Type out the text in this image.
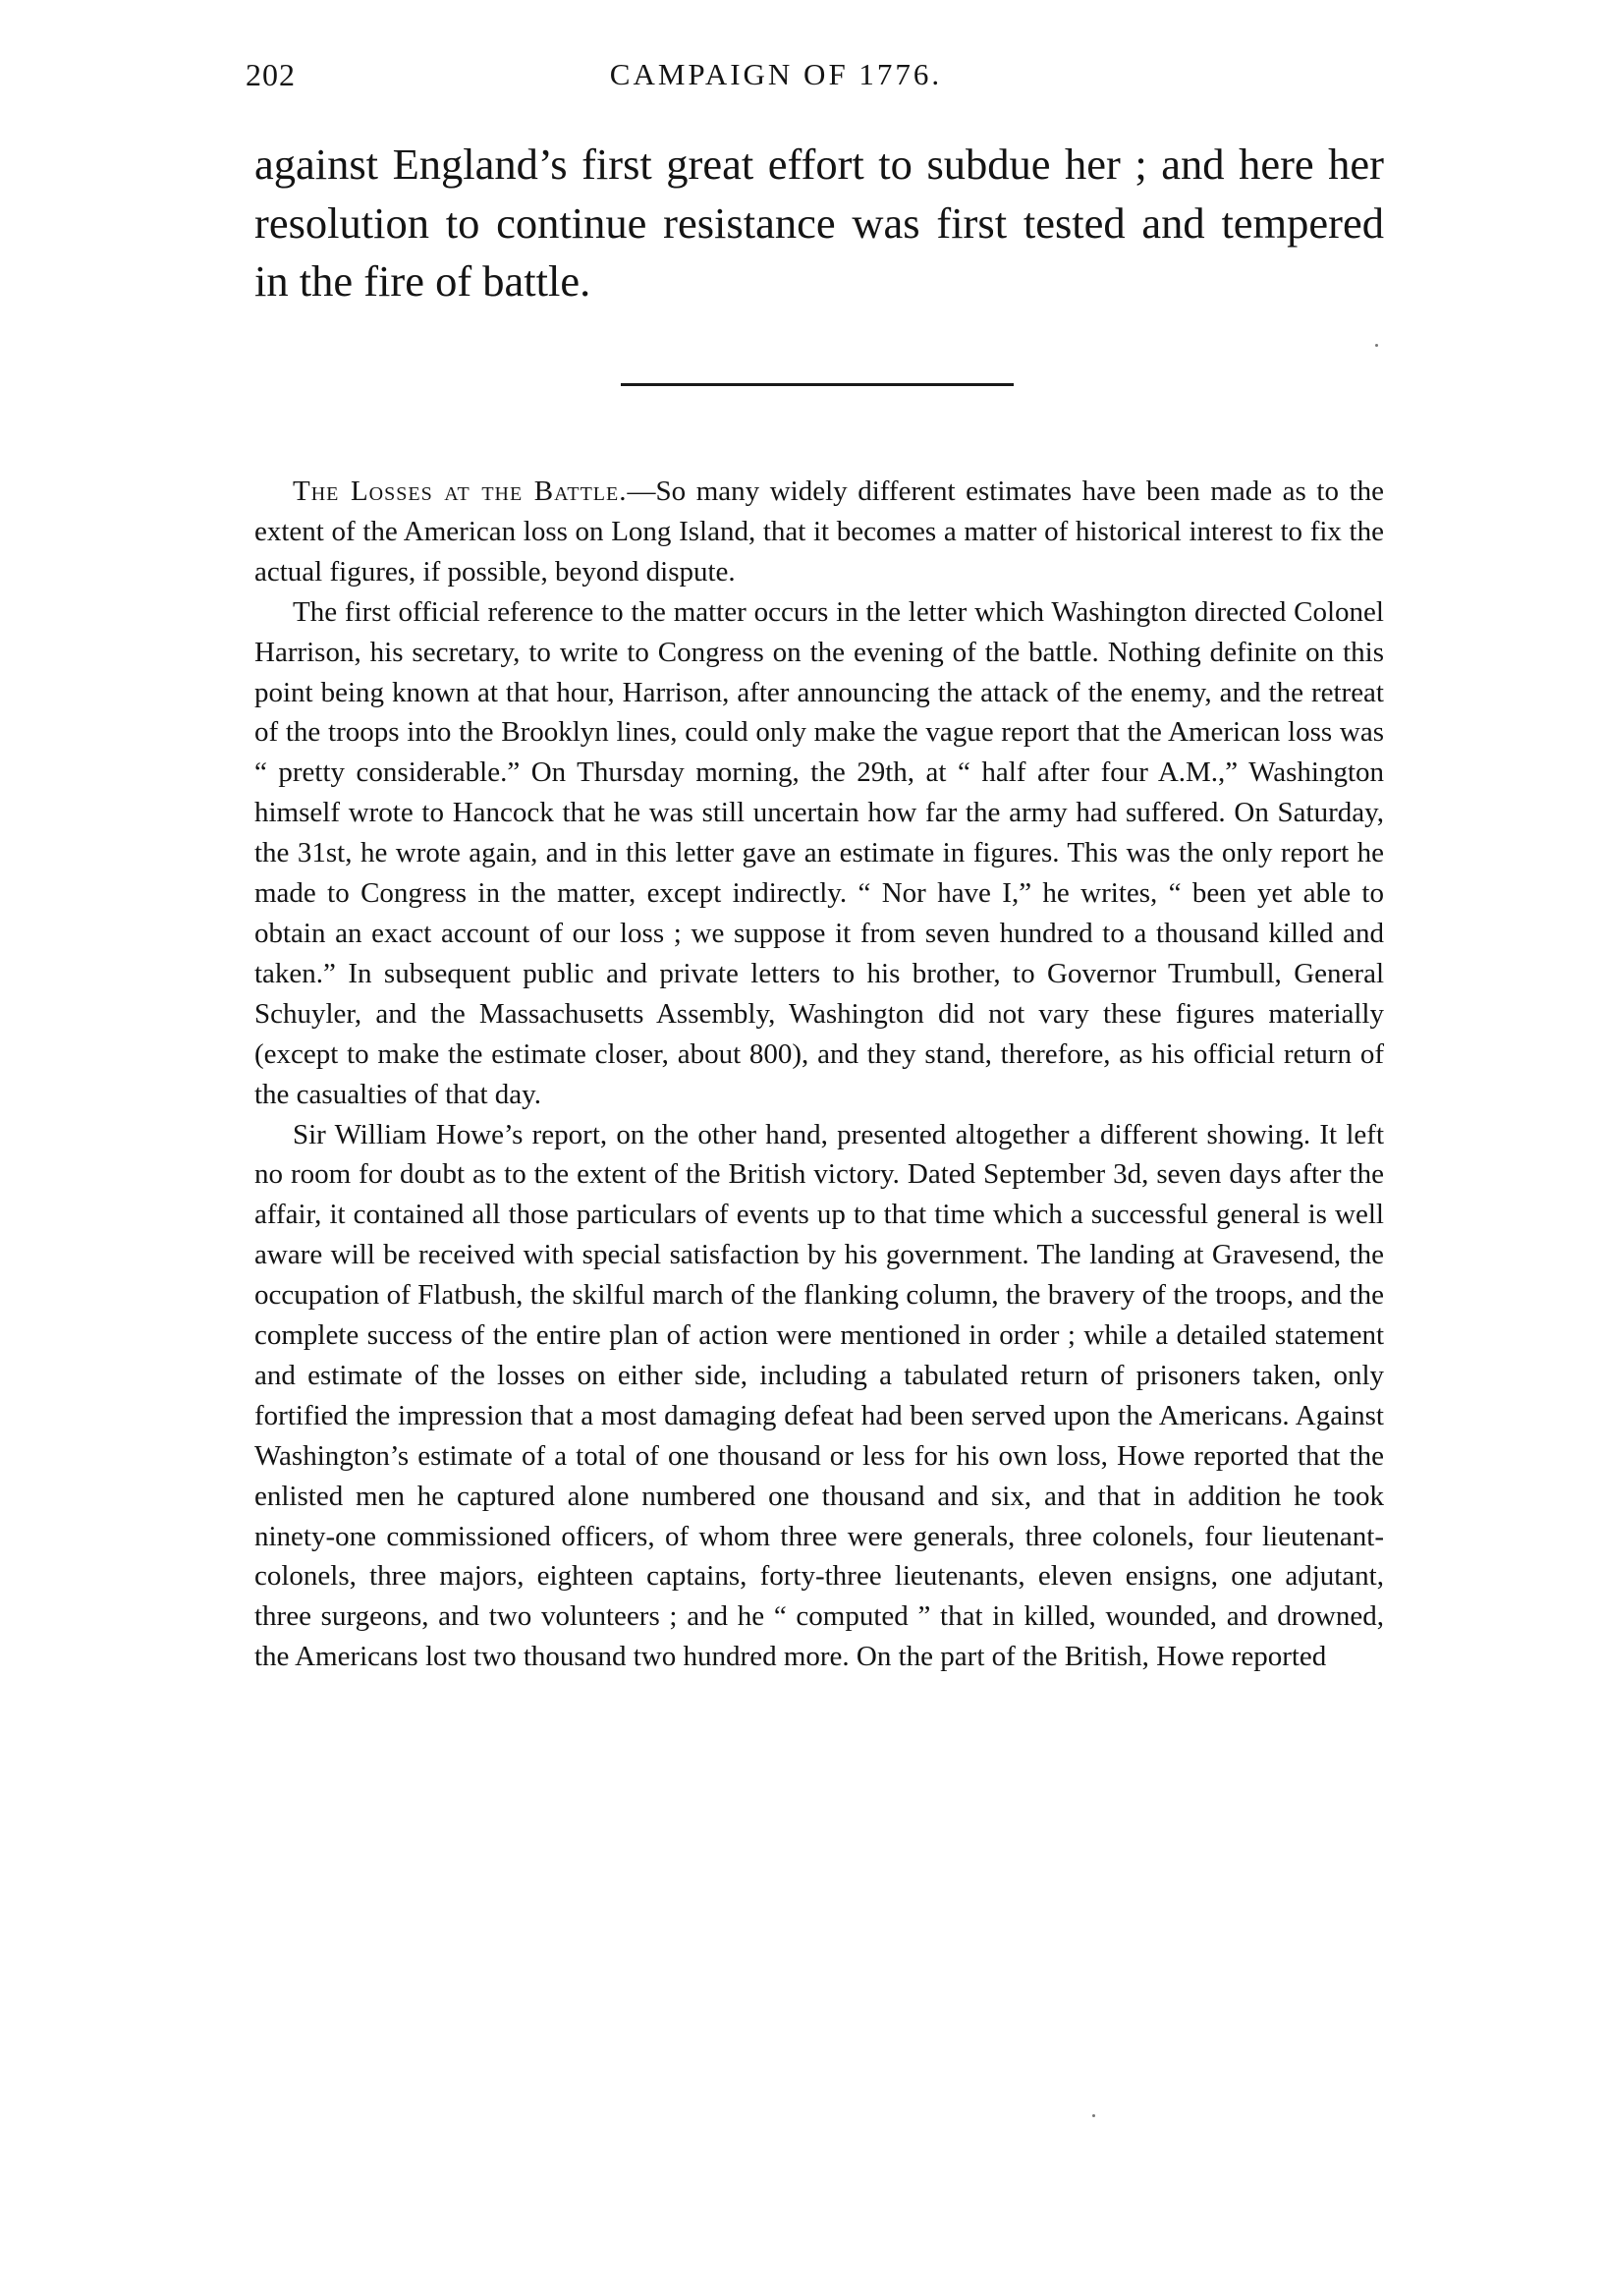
202	CAMPAIGN OF 1776.

against England’s first great effort to subdue her ; and here her resolution to continue resistance was first tested and tempered in the fire of battle.

The Losses at the Battle.—So many widely different estimates have been made as to the extent of the American loss on Long Island, that it becomes a matter of historical interest to fix the actual figures, if possible, beyond dispute.

The first official reference to the matter occurs in the letter which Washington directed Colonel Harrison, his secretary, to write to Congress on the evening of the battle. Nothing definite on this point being known at that hour, Harrison, after announcing the attack of the enemy, and the retreat of the troops into the Brooklyn lines, could only make the vague report that the American loss was “ pretty considerable.” On Thursday morning, the 29th, at “ half after four A.M.,” Washington himself wrote to Hancock that he was still uncertain how far the army had suffered. On Saturday, the 31st, he wrote again, and in this letter gave an estimate in figures. This was the only report he made to Congress in the matter, except indirectly. “ Nor have I,” he writes, “ been yet able to obtain an exact account of our loss ; we suppose it from seven hundred to a thousand killed and taken.” In subsequent public and private letters to his brother, to Governor Trumbull, General Schuyler, and the Massachusetts Assembly, Washington did not vary these figures materially (except to make the estimate closer, about 800), and they stand, therefore, as his official return of the casualties of that day.

Sir William Howe’s report, on the other hand, presented altogether a different showing. It left no room for doubt as to the extent of the British victory. Dated September 3d, seven days after the affair, it contained all those particulars of events up to that time which a successful general is well aware will be received with special satisfaction by his government. The landing at Gravesend, the occupation of Flatbush, the skilful march of the flanking column, the bravery of the troops, and the complete success of the entire plan of action were mentioned in order ; while a detailed statement and estimate of the losses on either side, including a tabulated return of prisoners taken, only fortified the impression that a most damaging defeat had been served upon the Americans. Against Washington’s estimate of a total of one thousand or less for his own loss, Howe reported that the enlisted men he captured alone numbered one thousand and six, and that in addition he took ninety-one commissioned officers, of whom three were generals, three colonels, four lieutenant-colonels, three majors, eighteen captains, forty-three lieutenants, eleven ensigns, one adjutant, three surgeons, and two volunteers ; and he “ computed ” that in killed, wounded, and drowned, the Americans lost two thousand two hundred more. On the part of the British, Howe reported
